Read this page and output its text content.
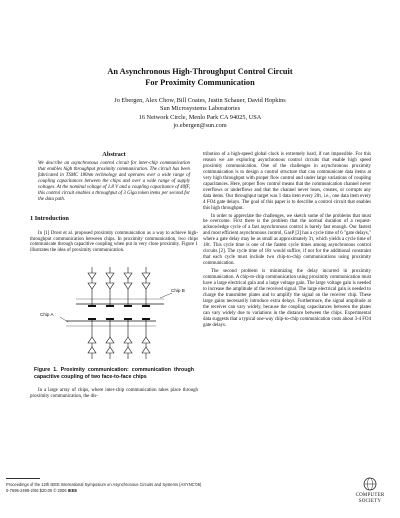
An Asynchronous High-Throughput Control Circuit
For Proximity Communication
Jo Ebergen, Alex Chow, Bill Coates, Justin Schauer, David Hopkins
Sun Microsystems Laboratories
16 Network Circle, Menlo Park CA 94025, USA
jo.ebergen@sun.com
Abstract

We describe an asynchronous control circuit for inter-chip communication that enables high throughput proximity communication. The circuit has been fabricated in TSMC 180nm technology and operates over a wide range of coupling capacitances between the chips and over a wide range of supply voltages. At the nominal voltage of 1.8 V and a coupling capacitance of 40fF, this control circuit enables a throughput of 3 Giga token items per second for the data path.

1 Introduction

In [1] Drost et al. proposed proximity communication as a way to achieve high-throughput communication between chips. In proximity communication, two chips communicate through capacitive coupling when put in very close proximity. Figure 1 illustrates the idea of proximity communication.

Chip B
Chip A

Figure 1. Proximity communication: communication through capacitive coupling of two face-to-face chips

In a large array of chips, where inter-chip communication takes place through proximity communication, the dis-

tribution of a high-speed global clock is extremely hard, if not impossible. For this reason we are exploring asynchronous control circuits that enable high speed proximity communication. One of the challenges in asynchronous proximity communication is to design a control structure that can communicate data items at very high throughput with proper flow control and under large variations of coupling capacitances. Here, proper flow control means that the communication channel never overflows or underflows and that the channel never loses, creates, or corrupts any data items. Our throughput target was 1 data item every 20τ, i.e., one data item every 4 FO4 gate delays. The goal of this paper is to describe a control circuit that enables this high throughput.

In order to appreciate the challenges, we sketch some of the problems that must be overcome. First there is the problem that the normal duration of a request-acknowledge cycle of a fast asynchronous control is barely fast enough. Our fastest and most efficient asynchronous control, GasP [2] has a cycle time of 6 "gate delays," where a gate delay may be as small as approximately 3τ, which yields a cycle time of 18τ. This cycle time is one of the fastest cycle times among asynchronous control circuits [2]. The cycle time of 18τ would suffice, if not for the additional constraint that each cycle must include two chip-to-chip communications using proximity communication.

The second problem is minimizing the delay incurred in proximity communication. A chip-to-chip communication using proximity communication must have a large electrical gain and a large voltage gain. The large voltage gain is needed to increase the amplitude of the received signal. The large electrical gain is needed to charge the transmitter plates and to amplify the signal on the receiver chip. These large gains necessarily introduce extra delays. Furthermore, the signal amplitude at the receiver can vary widely, because the coupling capacitances between the plates can vary widely due to variations in the distance between the chips. Experimental data suggests that a typical one-way chip-to-chip communication costs about 3-4 FO4 gate delays.

Proceedings of the 12th IEEE International Symposium on Asynchronous Circuits and Systems (ASYNC'06)
0-7695-2498-2/06 $20.00 © 2006 IEEE
COMPUTER
SOCIETY
